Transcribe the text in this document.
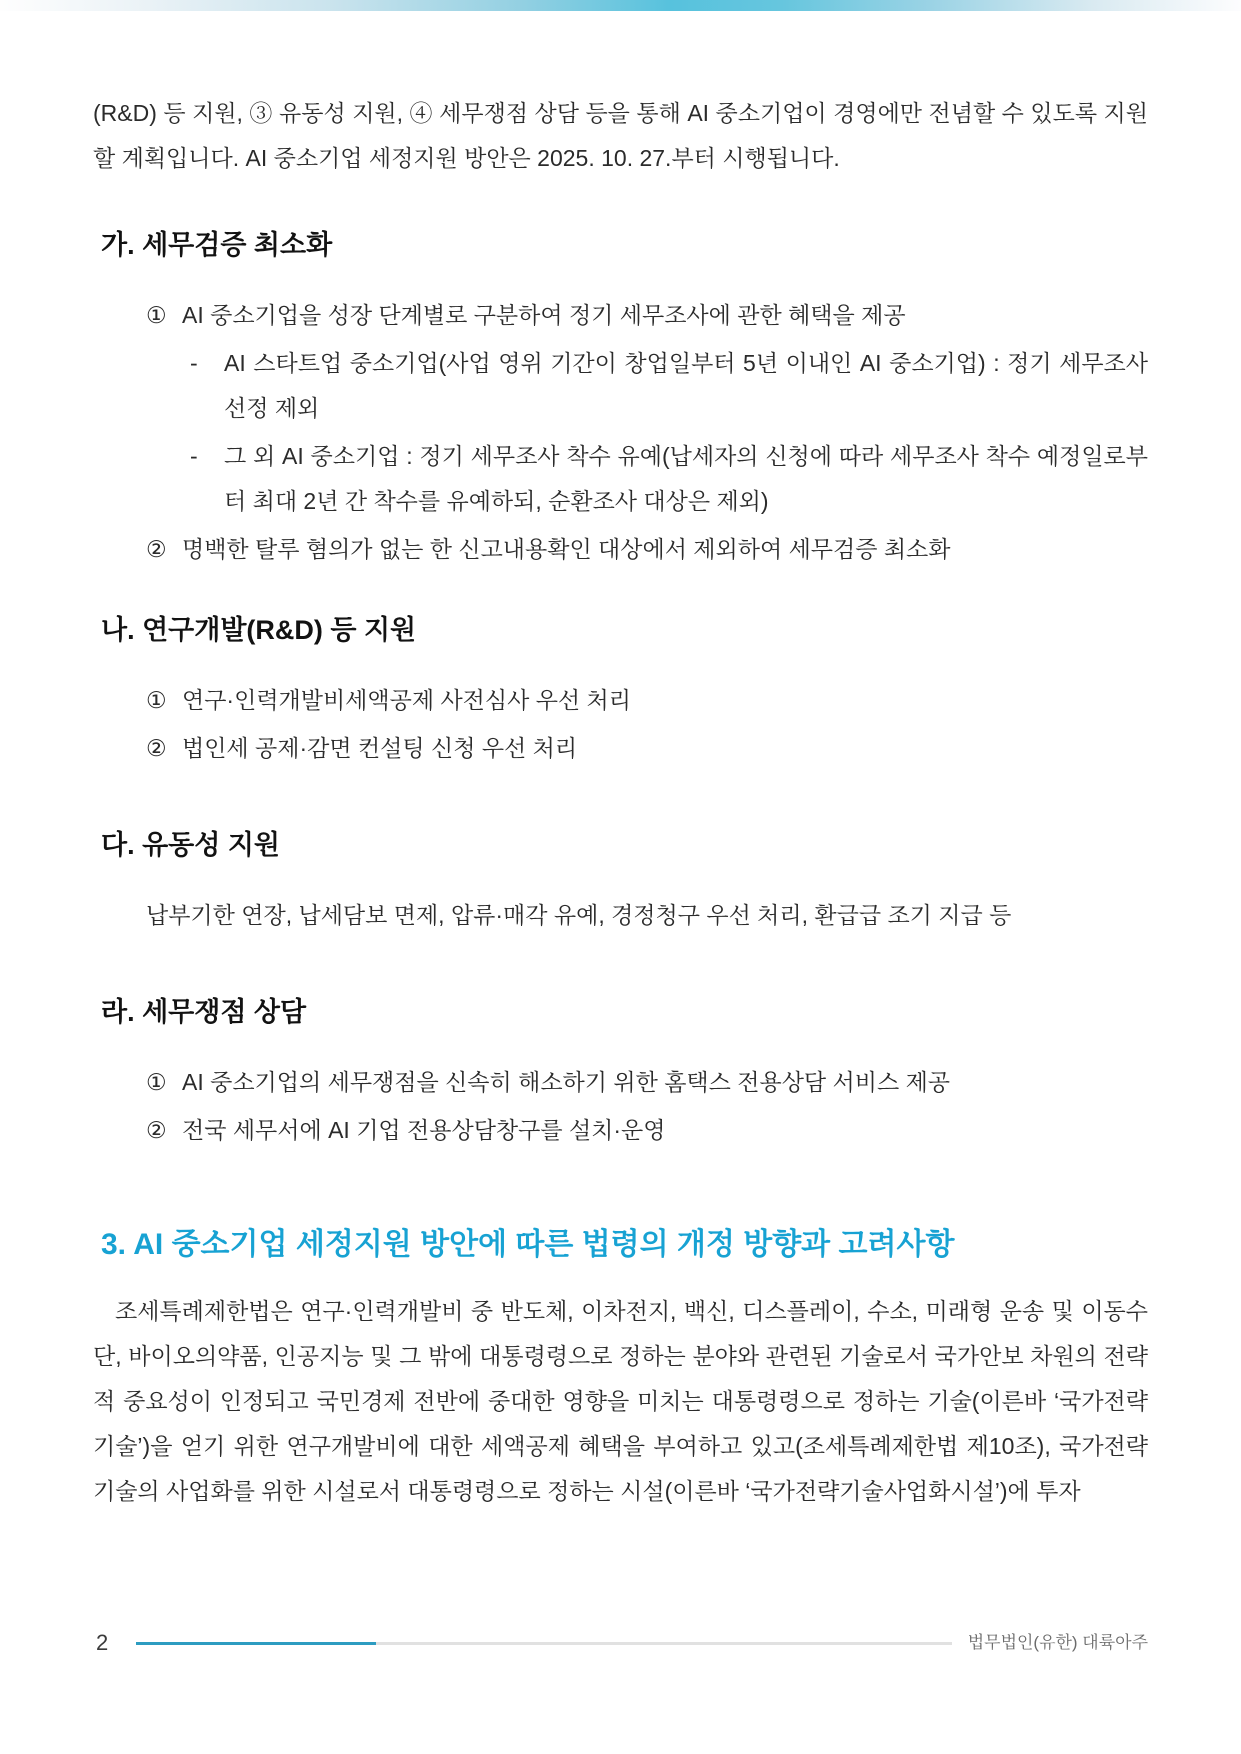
(R&D) 등 지원, ③ 유동성 지원, ④ 세무쟁점 상담 등을 통해 AI 중소기업이 경영에만 전념할 수 있도록 지원할 계획입니다. AI 중소기업 세정지원 방안은 2025. 10. 27.부터 시행됩니다.

가. 세무검증 최소화
① AI 중소기업을 성장 단계별로 구분하여 정기 세무조사에 관한 혜택을 제공
-	AI 스타트업 중소기업(사업 영위 기간이 창업일부터 5년 이내인 AI 중소기업) : 정기 세무조사 선정 제외
-	그 외 AI 중소기업 : 정기 세무조사 착수 유예(납세자의 신청에 따라 세무조사 착수 예정일로부터 최대 2년 간 착수를 유예하되, 순환조사 대상은 제외)
② 명백한 탈루 혐의가 없는 한 신고내용확인 대상에서 제외하여 세무검증 최소화
나. 연구개발(R&D) 등 지원
① 연구·인력개발비세액공제 사전심사 우선 처리
② 법인세 공제·감면 컨설팅 신청 우선 처리
다. 유동성 지원

납부기한 연장, 납세담보 면제, 압류·매각 유예, 경정청구 우선 처리, 환급급 조기 지급 등

라. 세무쟁점 상담
① AI 중소기업의 세무쟁점을 신속히 해소하기 위한 홈택스 전용상담 서비스 제공
② 전국 세무서에 AI 기업 전용상담창구를 설치·운영
3. AI 중소기업 세정지원 방안에 따른 법령의 개정 방향과 고려사항

조세특례제한법은 연구·인력개발비 중 반도체, 이차전지, 백신, 디스플레이, 수소, 미래형 운송 및 이동수단, 바이오의약품, 인공지능 및 그 밖에 대통령령으로 정하는 분야와 관련된 기술로서 국가안보 차원의 전략적 중요성이 인정되고 국민경제 전반에 중대한 영향을 미치는 대통령령으로 정하는 기술(이른바 ‘국가전략기술’)을 얻기 위한 연구개발비에 대한 세액공제 혜택을 부여하고 있고(조세특례제한법 제10조), 국가전략기술의 사업화를 위한 시설로서 대통령령으로 정하는 시설(이른바 ‘국가전략기술사업화시설’)에 투자

2	법무법인(유한) 대륙아주
